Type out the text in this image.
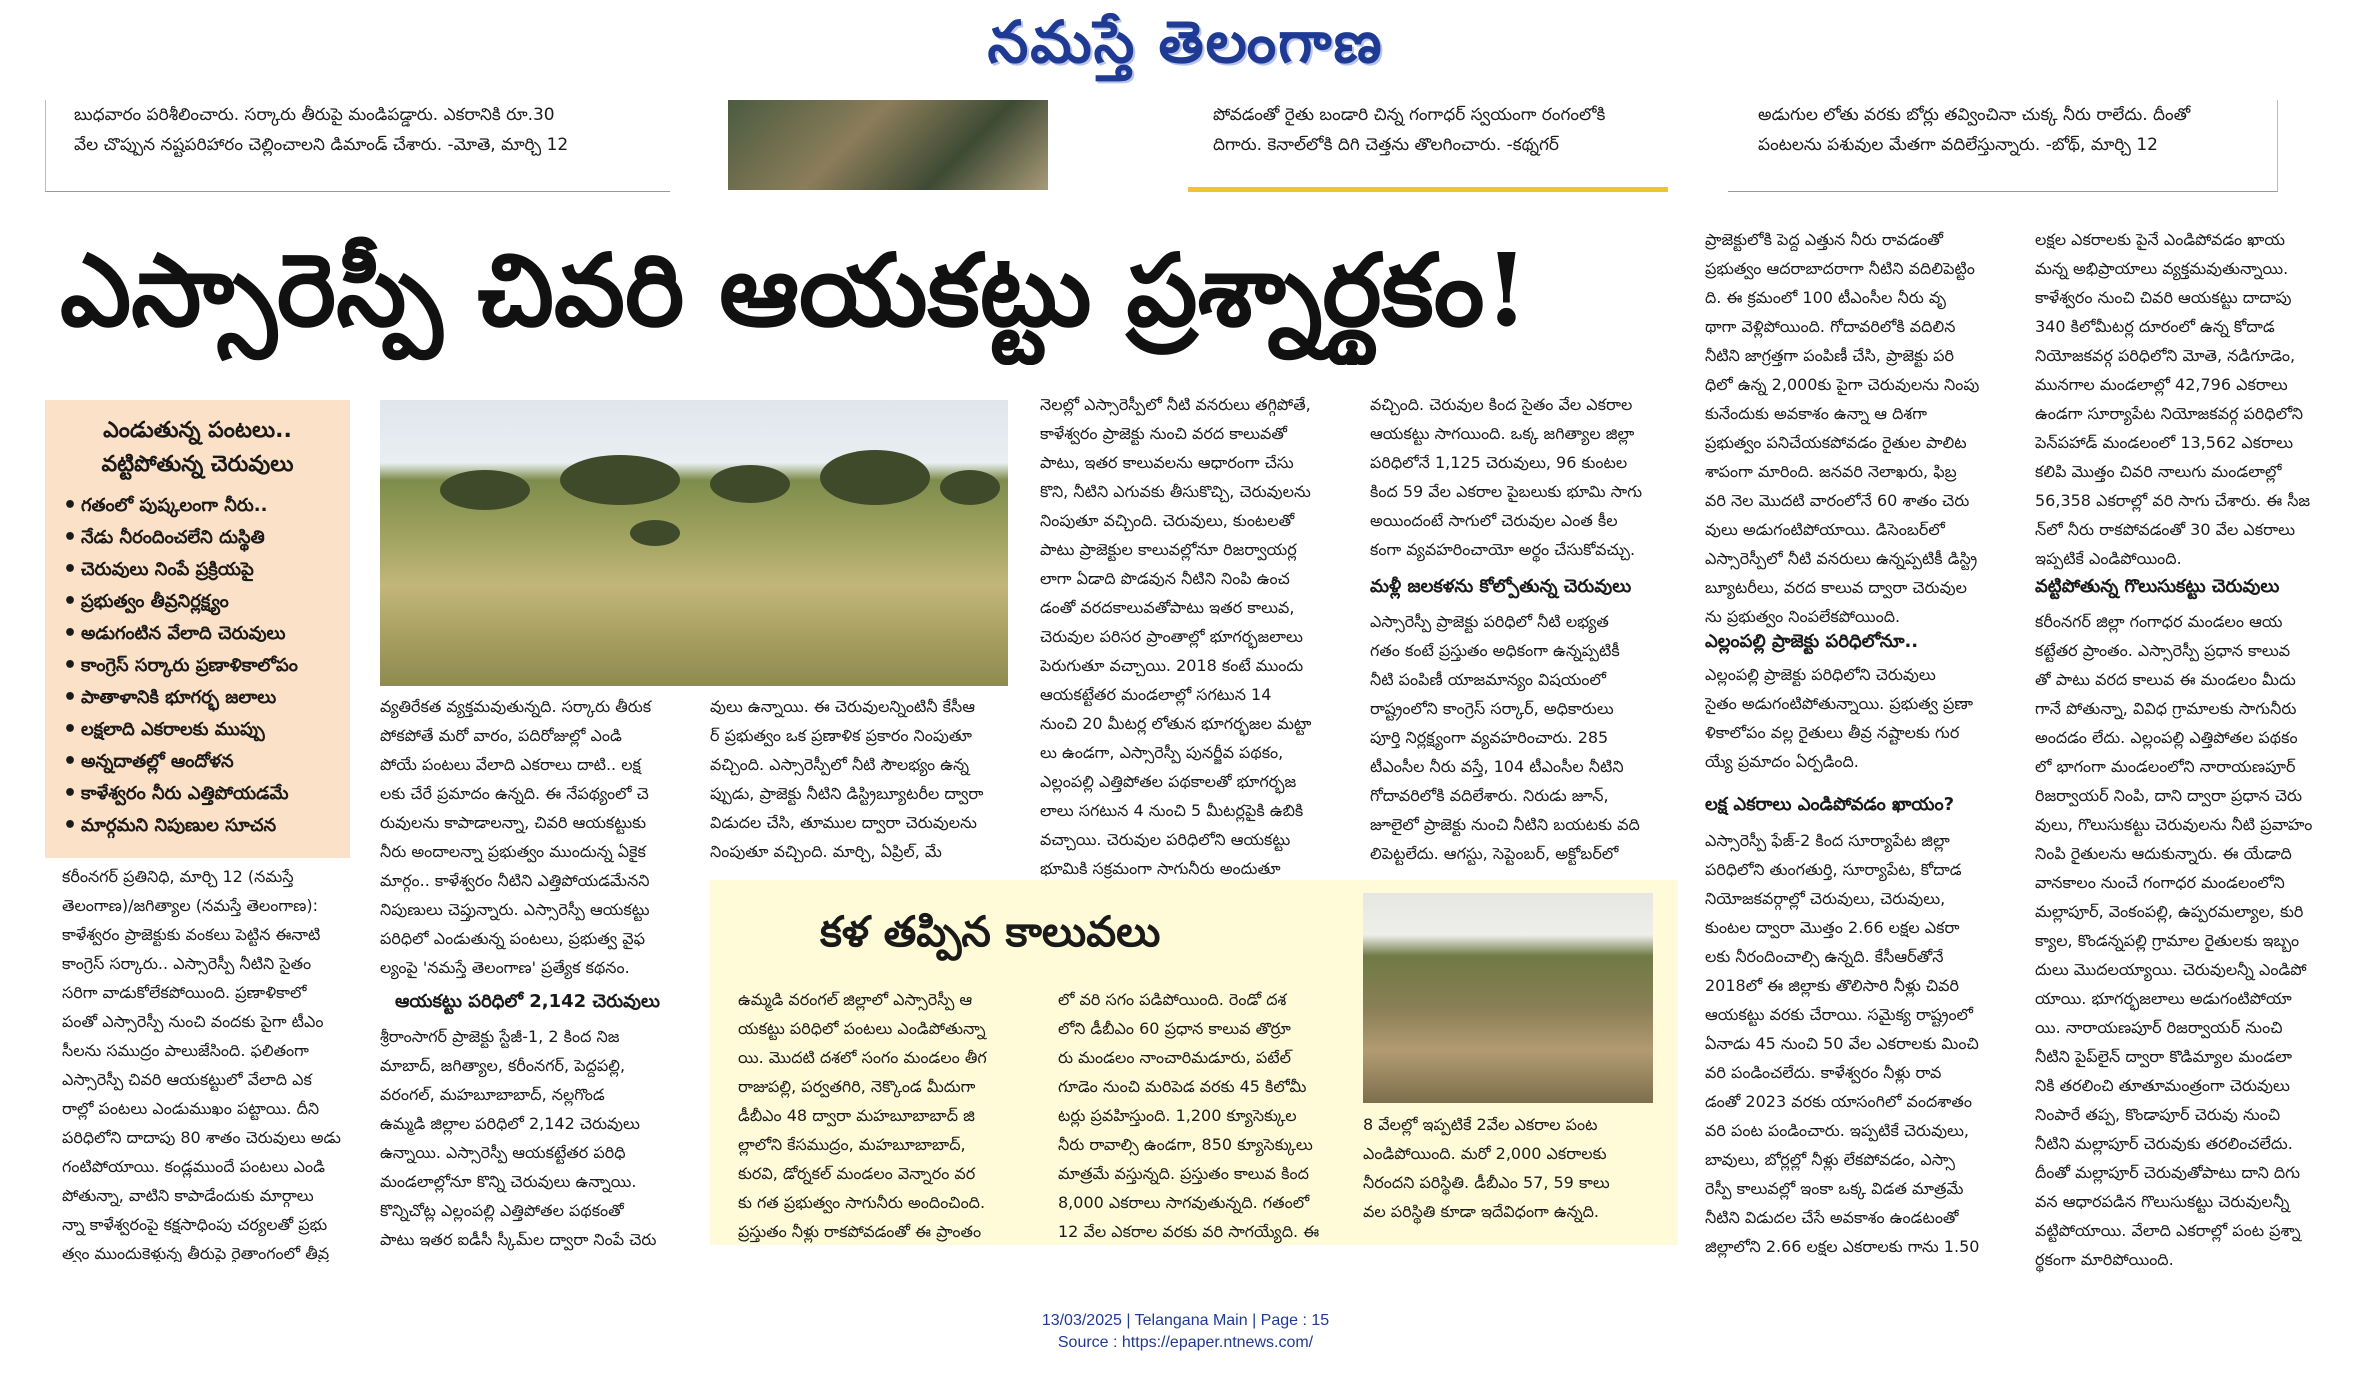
నమస్తే తెలంగాణ

బుధవారం పరిశీలించారు. సర్కారు తీరుపై మండిపడ్డారు. ఎకరానికి రూ.30

వేల చొప్పున నష్టపరిహారం చెల్లించాలని డిమాండ్ చేశారు. -మోతె, మార్చి 12

పోవడంతో రైతు బండారి చిన్న గంగాధర్ స్వయంగా రంగంలోకి

దిగారు. కెనాల్‌లోకి దిగి చెత్తను తొలగించారు. -కథ్నగర్

అడుగుల లోతు వరకు బోర్లు తవ్వించినా చుక్క నీరు రాలేదు. దీంతో

పంటలను పశువుల మేతగా వదిలేస్తున్నారు. -బోథ్, మార్చి 12

ఎస్సారెస్పీ చివరి ఆయకట్టు ప్రశ్నార్థకం!
ఎండుతున్న పంటలు..
వట్టిపోతున్న చెరువులు
• గతంలో పుష్కలంగా నీరు..
• నేడు నీరందించలేని దుస్థితి
• చెరువులు నింపే ప్రక్రియపై
• ప్రభుత్వం తీవ్రనిర్లక్ష్యం
• అడుగంటిన వేలాది చెరువులు
• కాంగ్రెస్ సర్కారు ప్రణాళికాలోపం
• పాతాళానికి భూగర్భ జలాలు
• లక్షలాది ఎకరాలకు ముప్పు
• అన్నదాతల్లో ఆందోళన
• కాళేశ్వరం నీరు ఎత్తిపోయడమే
• మార్గమని నిపుణుల సూచన

కరీంనగర్ ప్రతినిధి, మార్చి 12 (నమస్తే

తెలంగాణ)/జగిత్యాల (నమస్తే తెలంగాణ):

కాళేశ్వరం ప్రాజెక్టుకు వంకలు పెట్టిన ఈనాటి

కాంగ్రెస్ సర్కారు.. ఎస్సారెస్పీ నీటిని సైతం

సరిగా వాడుకోలేకపోయింది. ప్రణాళికాలో

పంతో ఎస్సారెస్పీ నుంచి వందకు పైగా టీఎం

సీలను సముద్రం పాలుజేసింది. ఫలితంగా

ఎస్సారెస్పీ చివరి ఆయకట్టులో వేలాది ఎక

రాల్లో పంటలు ఎండుముఖం పట్టాయి. దీని

పరిధిలోని దాదాపు 80 శాతం చెరువులు అడు

గంటిపోయాయి. కండ్లముందే పంటలు ఎండి

పోతున్నా, వాటిని కాపాడేందుకు మార్గాలు

న్నా కాళేశ్వరంపై కక్షసాధింపు చర్యలతో ప్రభు

త్వం ముందుకెళ్తున్న తీరుపై రైతాంగంలో తీవ్ర

వ్యతిరేకత వ్యక్తమవుతున్నది. సర్కారు తీరుక

పోకపోతే మరో వారం, పదిరోజుల్లో ఎండి

పోయే పంటలు వేలాది ఎకరాలు దాటి.. లక్ష

లకు చేరే ప్రమాదం ఉన్నది. ఈ నేపథ్యంలో చె

రువులను కాపాడాలన్నా, చివరి ఆయకట్టుకు

నీరు అందాలన్నా ప్రభుత్వం ముందున్న ఏకైక

మార్గం.. కాళేశ్వరం నీటిని ఎత్తిపోయడమేనని

నిపుణులు చెప్తున్నారు. ఎస్సారెస్పీ ఆయకట్టు

పరిధిలో ఎండుతున్న పంటలు, ప్రభుత్వ వైఫ

ల్యంపై 'నమస్తే తెలంగాణ' ప్రత్యేక కథనం.

ఆయకట్టు పరిధిలో 2,142 చెరువులు

శ్రీరాంసాగర్ ప్రాజెక్టు స్టేజీ-1, 2 కింద నిజ

మాబాద్, జగిత్యాల, కరీంనగర్, పెద్దపల్లి,

వరంగల్, మహబూబాబాద్, నల్లగొండ

ఉమ్మడి జిల్లాల పరిధిలో 2,142 చెరువులు

ఉన్నాయి. ఎస్సారెస్పీ ఆయకట్టేతర పరిధి

మండలాల్లోనూ కొన్ని చెరువులు ఉన్నాయి.

కొన్నిచోట్ల ఎల్లంపల్లి ఎత్తిపోతల పథకంతో

పాటు ఇతర ఐడీసీ స్కీమ్‌ల ద్వారా నింపే చెరు

వులు ఉన్నాయి. ఈ చెరువులన్నింటినీ కేసీఆ

ర్ ప్రభుత్వం ఒక ప్రణాళిక ప్రకారం నింపుతూ

వచ్చింది. ఎస్సారెస్పీలో నీటి సౌలభ్యం ఉన్న

ప్పుడు, ప్రాజెక్టు నీటిని డిస్ట్రిబ్యూటరీల ద్వారా

విడుదల చేసి, తూముల ద్వారా చెరువులను

నింపుతూ వచ్చింది. మార్చి, ఏప్రిల్, మే

నెలల్లో ఎస్సారెస్పీలో నీటి వనరులు తగ్గిపోతే,

కాళేశ్వరం ప్రాజెక్టు నుంచి వరద కాలువతో

పాటు, ఇతర కాలువలను ఆధారంగా చేసు

కొని, నీటిని ఎగువకు తీసుకొచ్చి, చెరువులను

నింపుతూ వచ్చింది. చెరువులు, కుంటలతో

పాటు ప్రాజెక్టుల కాలువల్లోనూ రిజర్వాయర్ల

లాగా ఏడాది పొడవున నీటిని నింపి ఉంచ

డంతో వరదకాలువతోపాటు ఇతర కాలువ,

చెరువుల పరిసర ప్రాంతాల్లో భూగర్భజలాలు

పెరుగుతూ వచ్చాయి. 2018 కంటే ముందు

ఆయకట్టేతర మండలాల్లో సగటున 14

నుంచి 20 మీటర్ల లోతున భూగర్భజల మట్టా

లు ఉండగా, ఎస్సారెస్పీ పునర్జీవ పథకం,

ఎల్లంపల్లి ఎత్తిపోతల పథకాలతో భూగర్భజ

లాలు సగటున 4 నుంచి 5 మీటర్లపైకి ఉబికి

వచ్చాయి. చెరువుల పరిధిలోని ఆయకట్టు

భూమికి సక్రమంగా సాగునీరు అందుతూ

వచ్చింది. చెరువుల కింద సైతం వేల ఎకరాల

ఆయకట్టు సాగయింది. ఒక్క జగిత్యాల జిల్లా

పరిధిలోనే 1,125 చెరువులు, 96 కుంటల

కింద 59 వేల ఎకరాల పైబలుకు భూమి సాగు

అయిందంటే సాగులో చెరువుల ఎంత కీల

కంగా వ్యవహరించాయో అర్థం చేసుకోవచ్చు.

మళ్లీ జలకళను కోల్పోతున్న చెరువులు

ఎస్సారెస్పీ ప్రాజెక్టు పరిధిలో నీటి లభ్యత

గతం కంటే ప్రస్తుతం అధికంగా ఉన్నప్పటికీ

నీటి పంపిణీ యాజమాన్యం విషయంలో

రాష్ట్రంలోని కాంగ్రెస్ సర్కార్, అధికారులు

పూర్తి నిర్లక్ష్యంగా వ్యవహరించారు. 285

టీఎంసీల నీరు వస్తే, 104 టీఎంసీల నీటిని

గోదావరిలోకి వదిలేశారు. నిరుడు జూన్,

జూలైలో ప్రాజెక్టు నుంచి నీటిని బయటకు వది

లిపెట్టలేదు. ఆగస్టు, సెప్టెంబర్, అక్టోబర్‌లో

ప్రాజెక్టులోకి పెద్ద ఎత్తున నీరు రావడంతో

ప్రభుత్వం ఆదరాబాదరాగా నీటిని వదిలిపెట్టిం

ది. ఈ క్రమంలో 100 టీఎంసీల నీరు వృ

థాగా వెళ్లిపోయింది. గోదావరిలోకి వదిలిన

నీటిని జాగ్రత్తగా పంపిణీ చేసి, ప్రాజెక్టు పరి

ధిలో ఉన్న 2,000కు పైగా చెరువులను నింపు

కునేందుకు అవకాశం ఉన్నా ఆ దిశగా

ప్రభుత్వం పనిచేయకపోవడం రైతుల పాలిట

శాపంగా మారింది. జనవరి నెలాఖరు, ఫిబ్ర

వరి నెల మొదటి వారంలోనే 60 శాతం చెరు

వులు అడుగంటిపోయాయి. డిసెంబర్‌లో

ఎస్సారెస్పీలో నీటి వనరులు ఉన్నప్పటికీ డిస్ట్రి

బ్యూటరీలు, వరద కాలువ ద్వారా చెరువుల

ను ప్రభుత్వం నింపలేకపోయింది.

ఎల్లంపల్లి ప్రాజెక్టు పరిధిలోనూ..

ఎల్లంపల్లి ప్రాజెక్టు పరిధిలోని చెరువులు

సైతం అడుగంటిపోతున్నాయి. ప్రభుత్వ ప్రణా

ళికాలోపం వల్ల రైతులు తీవ్ర నష్టాలకు గుర

య్యే ప్రమాదం ఏర్పడింది.

లక్ష ఎకరాలు ఎండిపోవడం ఖాయం?

ఎస్సారెస్పీ ఫేజ్-2 కింద సూర్యాపేట జిల్లా

పరిధిలోని తుంగతుర్తి, సూర్యాపేట, కోదాడ

నియోజకవర్గాల్లో చెరువులు, చెరువులు,

కుంటల ద్వారా మొత్తం 2.66 లక్షల ఎకరా

లకు నీరందించాల్సి ఉన్నది. కేసీఆర్‌తోనే

2018లో ఈ జిల్లాకు తొలిసారి నీళ్లు చివరి

ఆయకట్టు వరకు చేరాయి. సమైక్య రాష్ట్రంలో

ఏనాడు 45 నుంచి 50 వేల ఎకరాలకు మించి

వరి పండించలేదు. కాళేశ్వరం నీళ్లు రావ

డంతో 2023 వరకు యాసంగిలో వందశాతం

వరి పంట పండించారు. ఇప్పటికే చెరువులు,

బావులు, బోర్లల్లో నీళ్లు లేకపోవడం, ఎస్సా

రెస్పీ కాలువల్లో ఇంకా ఒక్క విడత మాత్రమే

నీటిని విడుదల చేసే అవకాశం ఉండటంతో

జిల్లాలోని 2.66 లక్షల ఎకరాలకు గాను 1.50

లక్షల ఎకరాలకు పైనే ఎండిపోవడం ఖాయ

మన్న అభిప్రాయాలు వ్యక్తమవుతున్నాయి.

కాళేశ్వరం నుంచి చివరి ఆయకట్టు దాదాపు

340 కిలోమీటర్ల దూరంలో ఉన్న కోదాడ

నియోజకవర్గ పరిధిలోని మోతె, నడిగూడెం,

మునగాల మండలాల్లో 42,796 ఎకరాలు

ఉండగా సూర్యాపేట నియోజకవర్గ పరిధిలోని

పెన్‌పహాడ్ మండలంలో 13,562 ఎకరాలు

కలిపి మొత్తం చివరి నాలుగు మండలాల్లో

56,358 ఎకరాల్లో వరి సాగు చేశారు. ఈ సీజ

న్‌లో నీరు రాకపోవడంతో 30 వేల ఎకరాలు

ఇప్పటికే ఎండిపోయింది.

వట్టిపోతున్న గొలుసుకట్టు చెరువులు

కరీంనగర్ జిల్లా గంగాధర మండలం ఆయ

కట్టేతర ప్రాంతం. ఎస్సారెస్పీ ప్రధాన కాలువ

తో పాటు వరద కాలువ ఈ మండలం మీదు

గానే పోతున్నా, వివిధ గ్రామాలకు సాగునీరు

అందడం లేదు. ఎల్లంపల్లి ఎత్తిపోతల పథకం

లో భాగంగా మండలంలోని నారాయణపూర్

రిజర్వాయర్ నింపి, దాని ద్వారా ప్రధాన చెరు

వులు, గొలుసుకట్టు చెరువులను నీటి ప్రవాహం

నింపి రైతులను ఆదుకున్నారు. ఈ యేడాది

వానకాలం నుంచే గంగాధర మండలంలోని

మల్లాపూర్, వెంకంపల్లి, ఉప్పరమల్యాల, కురి

క్యాల, కొండన్నపల్లి గ్రామాల రైతులకు ఇబ్బం

దులు మొదలయ్యాయి. చెరువులన్నీ ఎండిపో

యాయి. భూగర్భజలాలు అడుగంటిపోయా

యి. నారాయణపూర్ రిజర్వాయర్ నుంచి

నీటిని పైప్‌లైన్ ద్వారా కొడిమ్యాల మండలా

నికి తరలించి తూతూమంత్రంగా చెరువులు

నింపారే తప్ప, కొండాపూర్ చెరువు నుంచి

నీటిని మల్లాపూర్ చెరువుకు తరలించలేదు.

దీంతో మల్లాపూర్ చెరువుతోపాటు దాని దిగు

వన ఆధారపడిన గొలుసుకట్టు చెరువులన్నీ

వట్టిపోయాయి. వేలాది ఎకరాల్లో పంట ప్రశ్నా

ర్థకంగా మారిపోయింది.

కళ తప్పిన కాలువలు

ఉమ్మడి వరంగల్ జిల్లాలో ఎస్సారెస్పీ ఆ

యకట్టు పరిధిలో పంటలు ఎండిపోతున్నా

యి. మొదటి దశలో సంగం మండలం తీగ

రాజుపల్లి, పర్వతగిరి, నెక్కొండ మీదుగా

డీబీఎం 48 ద్వారా మహబూబాబాద్ జి

ల్లాలోని కేసముద్రం, మహబూబాబాద్,

కురవి, డోర్నకల్ మండలం వెన్నారం వర

కు గత ప్రభుత్వం సాగునీరు అందించింది.

ప్రస్తుతం నీళ్లు రాకపోవడంతో ఈ ప్రాంతం

లో వరి సగం పడిపోయింది. రెండో దశ

లోని డీబీఎం 60 ప్రధాన కాలువ తొర్రూ

రు మండలం నాంచారిమడూరు, పటేల్

గూడెం నుంచి మరిపెడ వరకు 45 కిలోమీ

టర్లు ప్రవహిస్తుంది. 1,200 క్యూసెక్కుల

నీరు రావాల్సి ఉండగా, 850 క్యూసెక్కులు

మాత్రమే వస్తున్నది. ప్రస్తుతం కాలువ కింద

8,000 ఎకరాలు సాగవుతున్నది. గతంలో

12 వేల ఎకరాల వరకు వరి సాగయ్యేది. ఈ

8 వేలల్లో ఇప్పటికే 2వేల ఎకరాల పంట

ఎండిపోయింది. మరో 2,000 ఎకరాలకు

నీరందని పరిస్థితి. డీబీఎం 57, 59 కాలు

వల పరిస్థితి కూడా ఇదేవిధంగా ఉన్నది.

13/03/2025 | Telangana Main | Page : 15
Source : https://epaper.ntnews.com/
